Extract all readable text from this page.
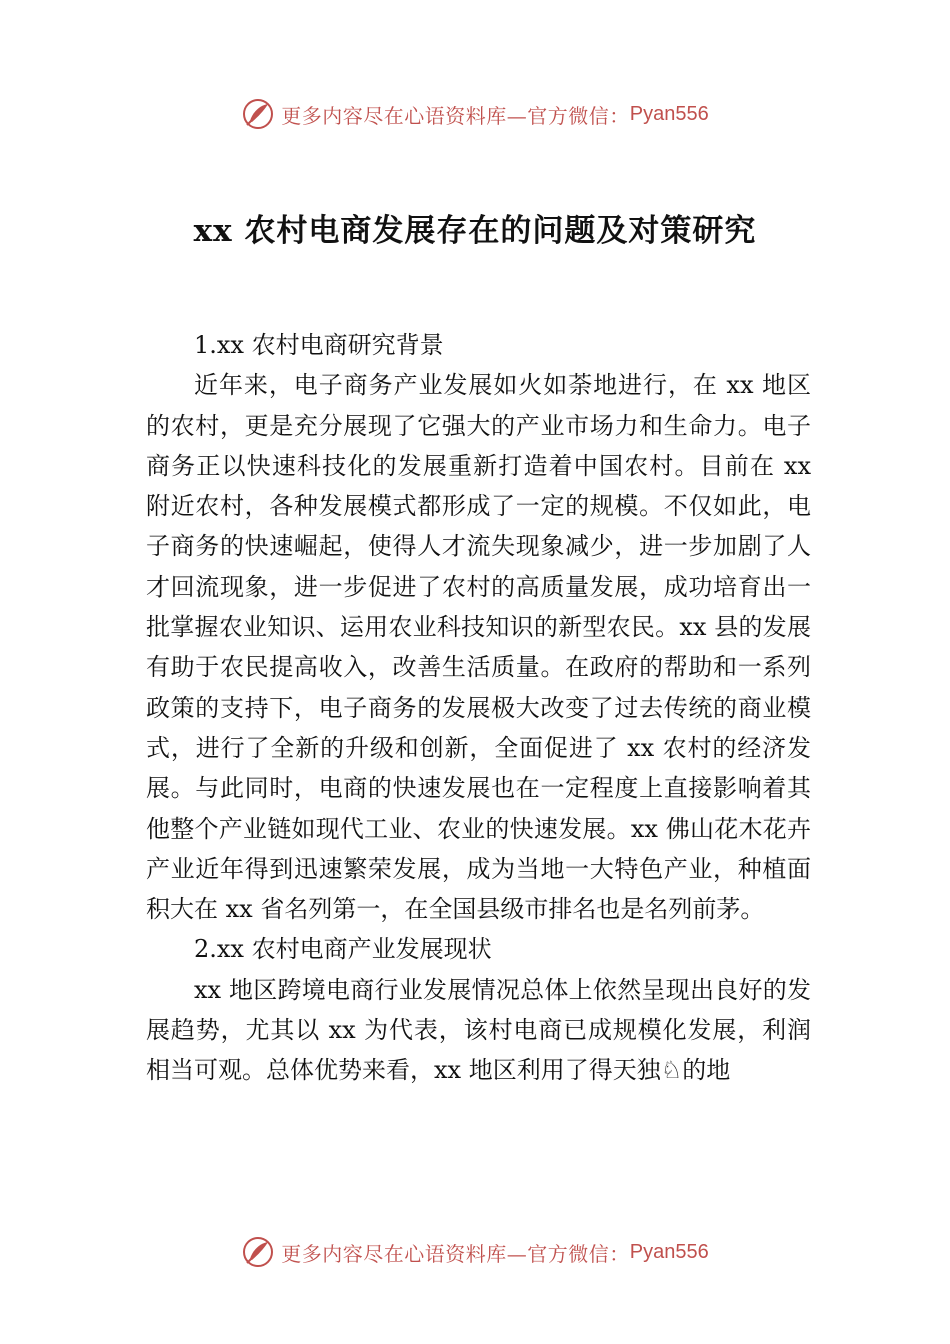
更多内容尽在心语资料库—官方微信： Pyan556
xx 农村电商发展存在的问题及对策研究

1.xx 农村电商研究背景

近年来，电子商务产业发展如火如荼地进行，在 xx 地区的农村，更是充分展现了它强大的产业市场力和生命力。电子商务正以快速科技化的发展重新打造着中国农村。目前在 xx 附近农村，各种发展模式都形成了一定的规模。不仅如此，电子商务的快速崛起，使得人才流失现象减少，进一步加剧了人才回流现象，进一步促进了农村的高质量发展，成功培育出一批掌握农业知识、运用农业科技知识的新型农民。xx 县的发展有助于农民提高收入，改善生活质量。在政府的帮助和一系列政策的支持下，电子商务的发展极大改变了过去传统的商业模式，进行了全新的升级和创新，全面促进了 xx 农村的经济发展。与此同时，电商的快速发展也在一定程度上直接影响着其他整个产业链如现代工业、农业的快速发展。xx 佛山花木花卉产业近年得到迅速繁荣发展，成为当地一大特色产业，种植面积大在 xx 省名列第一，在全国县级市排名也是名列前茅。

2.xx 农村电商产业发展现状

xx 地区跨境电商行业发展情况总体上依然呈现出良好的发展趋势，尤其以 xx 为代表，该村电商已成规模化发展，利润相当可观。总体优势来看，xx 地区利用了得天独♘的地

更多内容尽在心语资料库—官方微信： Pyan556
